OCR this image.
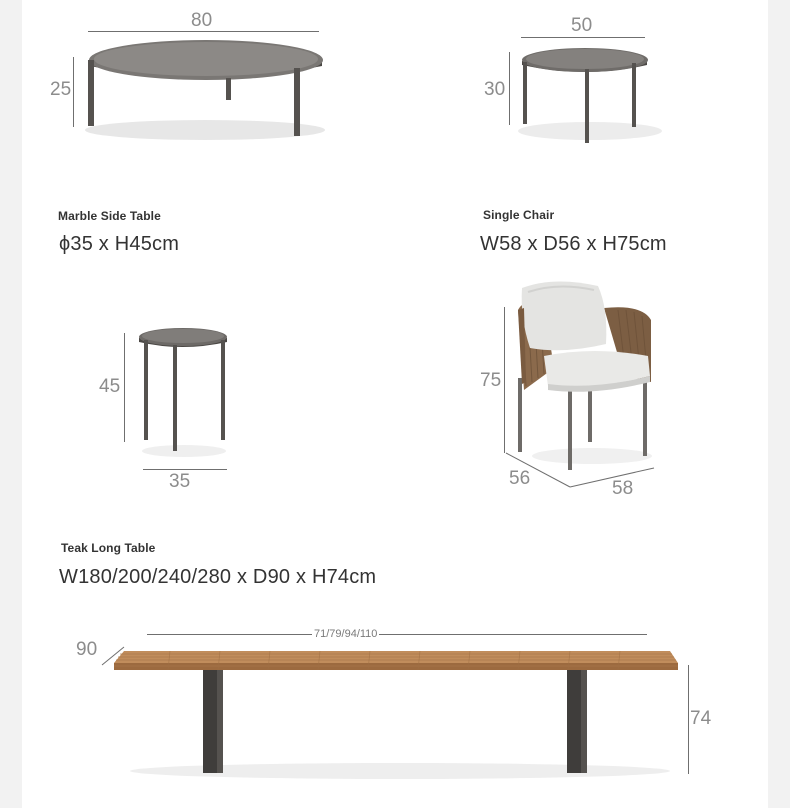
80
25
50
30
Marble Side Table
ϕ35 x H45cm
Single Chair
W58 x D56 x H75cm
45
35
75
56	58
Teak Long Table
W180/200/240/280 x D90 x H74cm
71/79/94/110
90
74
